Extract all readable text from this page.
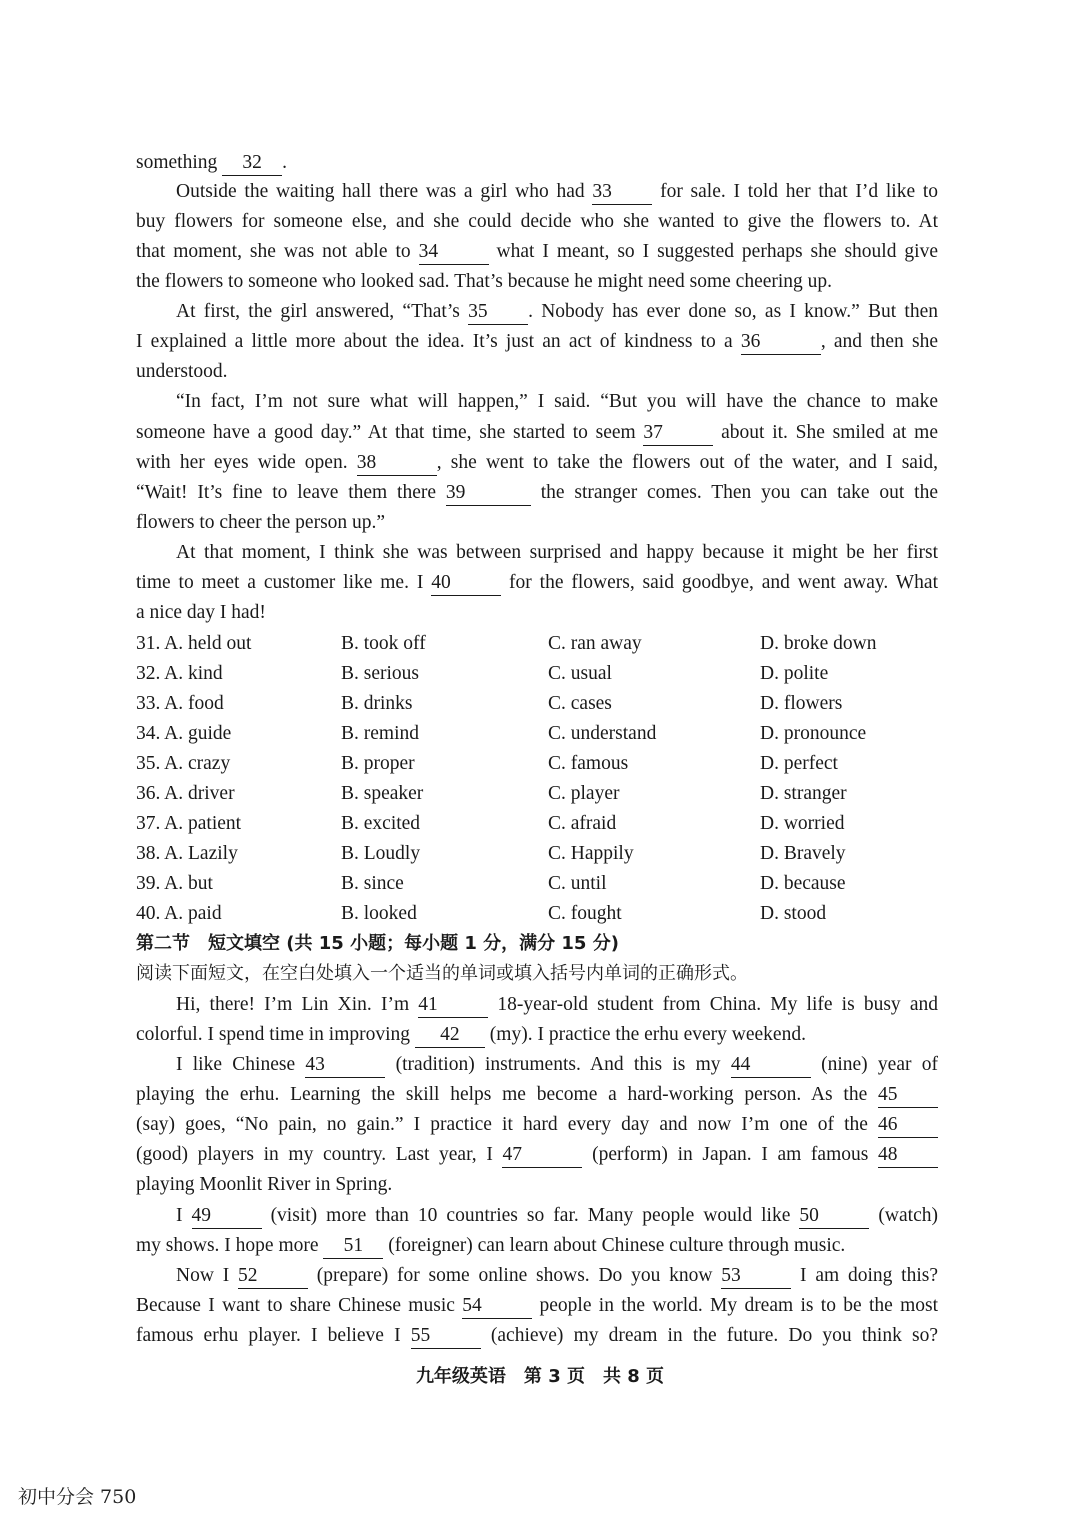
something 32 .
Outside the waiting hall there was a girl who had 33 for sale. I told her that I’d like to
buy flowers for someone else, and she could decide who she wanted to give the flowers to. At
that moment, she was not able to 34	what I meant, so I suggested perhaps she should give
the flowers to someone who looked sad. That’s because he might need some cheering up.
At first, the girl answered, “That’s 35 . Nobody has ever done so, as I know.” But then
I explained a little more about the idea. It’s just an act of kindness to a 36	, and then she
understood.
“In fact, I’m not sure what will happen,” I said. “But you will have the chance to make
someone have a good day.” At that time, she started to seem 37	about it. She smiled at me
with her eyes wide open. 38	, she went to take the flowers out of the water, and I said,
“Wait! It’s fine to leave them there 39	the stranger comes. Then you can take out the
flowers to cheer the person up.”
At that moment, I think she was between surprised and happy because it might be her first
time to meet a customer like me. I 40	for the flowers, said goodbye, and went away. What
a nice day I had!
31. A. held out	B. took off	C. ran away	D. broke down
32. A. kind	B. serious	C. usual	D. polite
33. A. food	B. drinks	C. cases	D. flowers
34. A. guide	B. remind	C. understand	D. pronounce
35. A. crazy	B. proper	C. famous	D. perfect
36. A. driver	B. speaker	C. player	D. stranger
37. A. patient	B. excited	C. afraid	D. worried
38. A. Lazily	B. Loudly	C. Happily	D. Bravely
39. A. but	B. since	C. until	D. because
40. A. paid	B. looked	C. fought	D. stood
第二节　短文填空 (共 15 小题；每小题 1 分，满分 15 分)
阅读下面短文，在空白处填入一个适当的单词或填入括号内单词的正确形式。
Hi, there! I’m Lin Xin. I’m 41	18-year-old student from China. My life is busy and
colorful. I spend time in improving 42 (my). I practice the erhu every weekend.
I like Chinese 43	(tradition) instruments. And this is my 44	(nine) year of
playing the erhu. Learning the skill helps me become a hard-working person. As the 45
(say) goes, “No pain, no gain.” I practice it hard every day and now I’m one of the 46
(good) players in my country. Last year, I 47	(perform) in Japan. I am famous 48
playing Moonlit River in Spring.
I 49	(visit) more than 10 countries so far. Many people would like 50	(watch)
my shows. I hope more 51 (foreigner) can learn about Chinese culture through music.
Now I 52	(prepare) for some online shows. Do you know 53	I am doing this?
Because I want to share Chinese music 54	people in the world. My dream is to be the most
famous erhu player. I believe I 55	(achieve) my dream in the future. Do you think so?
九年级英语　第 3 页　共 8 页
初中分会 750
